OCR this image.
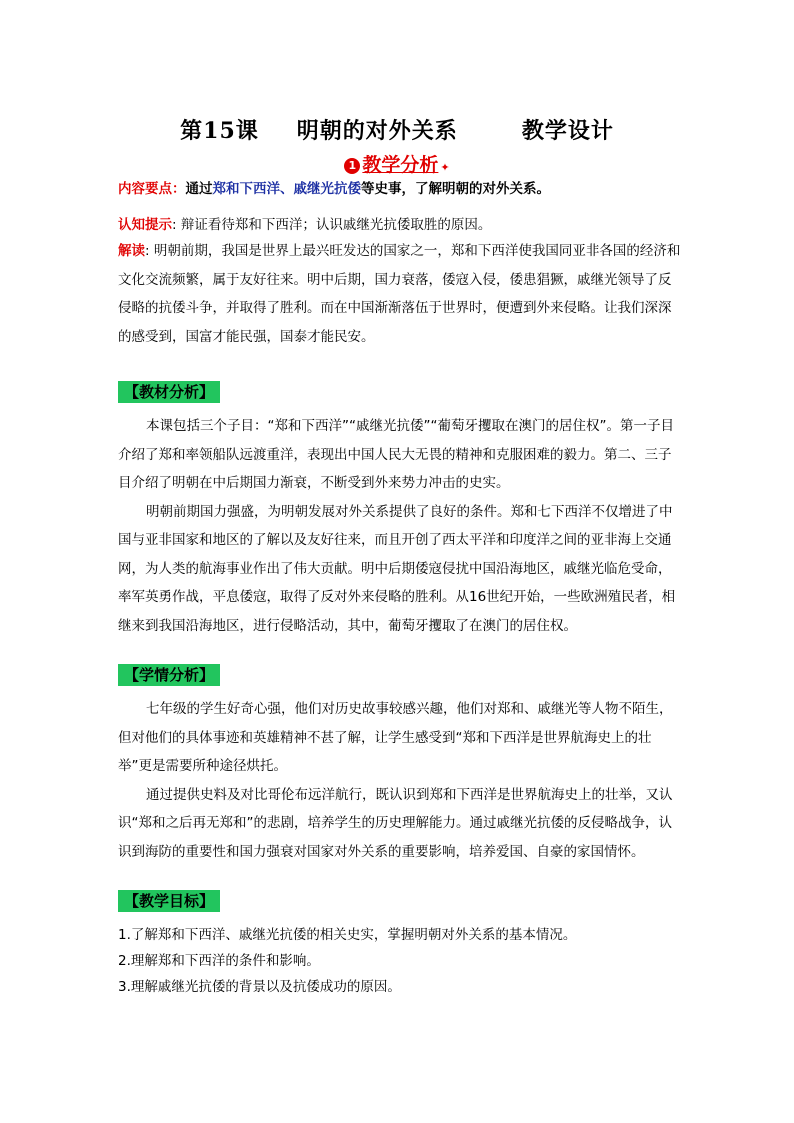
第15课 明朝的对外关系	教学设计
1 教学分析 ✦
内容要点：通过郑和下西洋、戚继光抗倭等史事，了解明朝的对外关系。
认知提示: 辩证看待郑和下西洋；认识戚继光抗倭取胜的原因。

解读: 明朝前期，我国是世界上最兴旺发达的国家之一，郑和下西洋使我国同亚非各国的经济和文化交流频繁，属于友好往来。明中后期，国力衰落，倭寇入侵，倭患猖獗，戚继光领导了反侵略的抗倭斗争，并取得了胜利。而在中国渐渐落伍于世界时，便遭到外来侵略。让我们深深的感受到，国富才能民强，国泰才能民安。

【教材分析】

本课包括三个子目：“郑和下西洋”“戚继光抗倭”“葡萄牙攫取在澳门的居住权”。第一子目介绍了郑和率领船队远渡重洋，表现出中国人民大无畏的精神和克服困难的毅力。第二、三子目介绍了明朝在中后期国力渐衰，不断受到外来势力冲击的史实。

明朝前期国力强盛，为明朝发展对外关系提供了良好的条件。郑和七下西洋不仅增进了中国与亚非国家和地区的了解以及友好往来，而且开创了西太平洋和印度洋之间的亚非海上交通网，为人类的航海事业作出了伟大贡献。明中后期倭寇侵扰中国沿海地区，戚继光临危受命，率军英勇作战，平息倭寇，取得了反对外来侵略的胜利。从16世纪开始，一些欧洲殖民者，相继来到我国沿海地区，进行侵略活动，其中，葡萄牙攫取了在澳门的居住权。

【学情分析】

七年级的学生好奇心强，他们对历史故事较感兴趣，他们对郑和、戚继光等人物不陌生，但对他们的具体事迹和英雄精神不甚了解，让学生感受到“郑和下西洋是世界航海史上的壮举”更是需要所种途径烘托。

通过提供史料及对比哥伦布远洋航行，既认识到郑和下西洋是世界航海史上的壮举，又认识“郑和之后再无郑和”的悲剧，培养学生的历史理解能力。通过戚继光抗倭的反侵略战争，认识到海防的重要性和国力强衰对国家对外关系的重要影响，培养爱国、自豪的家国情怀。

【教学目标】
1.了解郑和下西洋、戚继光抗倭的相关史实，掌握明朝对外关系的基本情况。
2.理解郑和下西洋的条件和影响。
3.理解戚继光抗倭的背景以及抗倭成功的原因。
